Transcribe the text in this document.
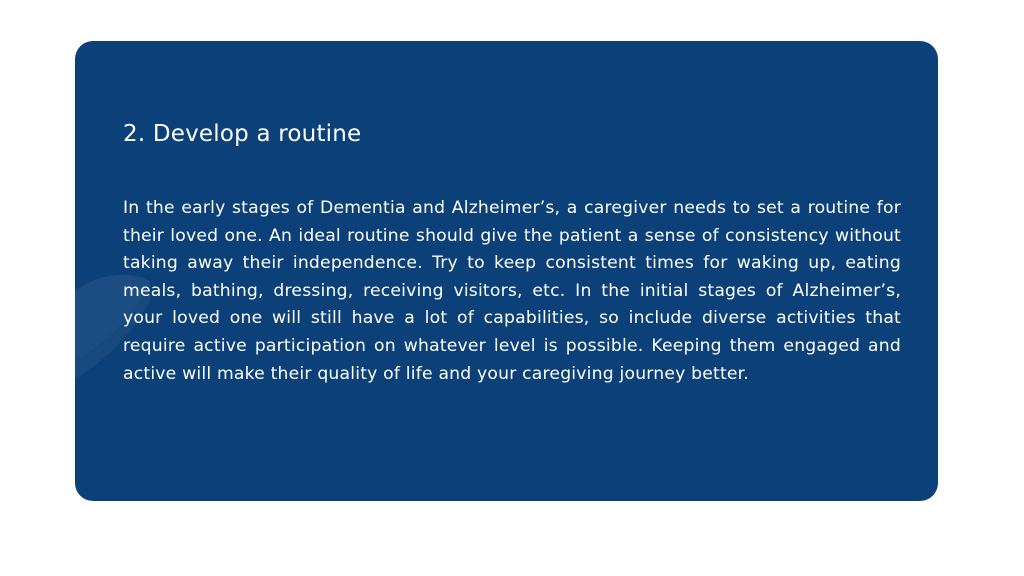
2. Develop a routine

In the early stages of Dementia and Alzheimer’s, a caregiver needs to set a routine for their loved one. An ideal routine should give the patient a sense of consistency without taking away their independence. Try to keep consistent times for waking up, eating meals, bathing, dressing, receiving visitors, etc. In the initial stages of Alzheimer’s, your loved one will still have a lot of capabilities, so include diverse activities that require active participation on whatever level is possible. Keeping them engaged and active will make their quality of life and your caregiving journey better.
